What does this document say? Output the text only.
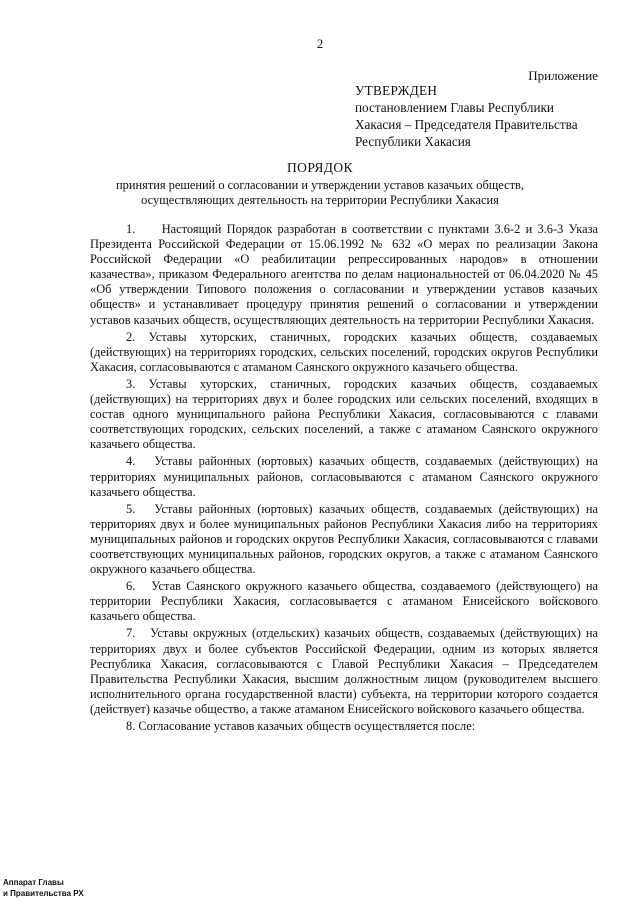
2
Приложение
УТВЕРЖДЕН
постановлением Главы Республики
Хакасия – Председателя Правительства
Республики Хакасия
ПОРЯДОК
принятия решений о согласовании и утверждении уставов казачьих обществ,
осуществляющих деятельность на территории Республики Хакасия

1.     Настоящий Порядок разработан в соответствии с пунктами 3.6-2 и 3.6-3 Указа Президента Российской Федерации от 15.06.1992 № 632 «О мерах по реализации Закона Российской Федерации «О реабилитации репрессированных народов» в отношении казачества», приказом Федерального агентства по делам национальностей от 06.04.2020 № 45 «Об утверждении Типового положения о согласовании и утверждении уставов казачьих обществ» и устанавливает процедуру принятия решений о согласовании и утверждении уставов казачьих обществ, осуществляющих деятельность на территории Республики Хакасия.

2. Уставы хуторских, станичных, городских казачьих обществ, создаваемых (действующих) на территориях городских, сельских поселений, городских округов Республики Хакасия, согласовываются с атаманом Саянского окружного казачьего общества.

3. Уставы хуторских, станичных, городских казачьих обществ, создаваемых (действующих) на территориях двух и более городских или сельских поселений, входящих в состав одного муниципального района Республики Хакасия, согласовываются с главами соответствующих городских, сельских поселений, а также с атаманом Саянского окружного казачьего общества.

4.   Уставы районных (юртовых) казачьих обществ, создаваемых (действующих) на территориях муниципальных районов, согласовываются с атаманом Саянского окружного казачьего общества.

5.   Уставы районных (юртовых) казачьих обществ, создаваемых (действующих) на территориях двух и более муниципальных районов Республики Хакасия либо на территориях муниципальных районов и городских округов Республики Хакасия, согласовываются с главами соответствующих муниципальных районов, городских округов, а также с атаманом Саянского окружного казачьего общества.

6.   Устав Саянского окружного казачьего общества, создаваемого (действующего) на территории Республики Хакасия, согласовывается с атаманом Енисейского войскового казачьего общества.

7.   Уставы окружных (отдельских) казачьих обществ, создаваемых (действующих) на территориях двух и более субъектов Российской Федерации, одним из которых является Республика Хакасия, согласовываются с Главой Республики Хакасия – Председателем Правительства Республики Хакасия, высшим должностным лицом (руководителем высшего исполнительного органа государственной власти) субъекта, на территории которого создается (действует) казачье общество, а также атаманом Енисейского войскового казачьего общества.

8. Согласование уставов казачьих обществ осуществляется после:

Аппарат Главы
и Правительства РХ
